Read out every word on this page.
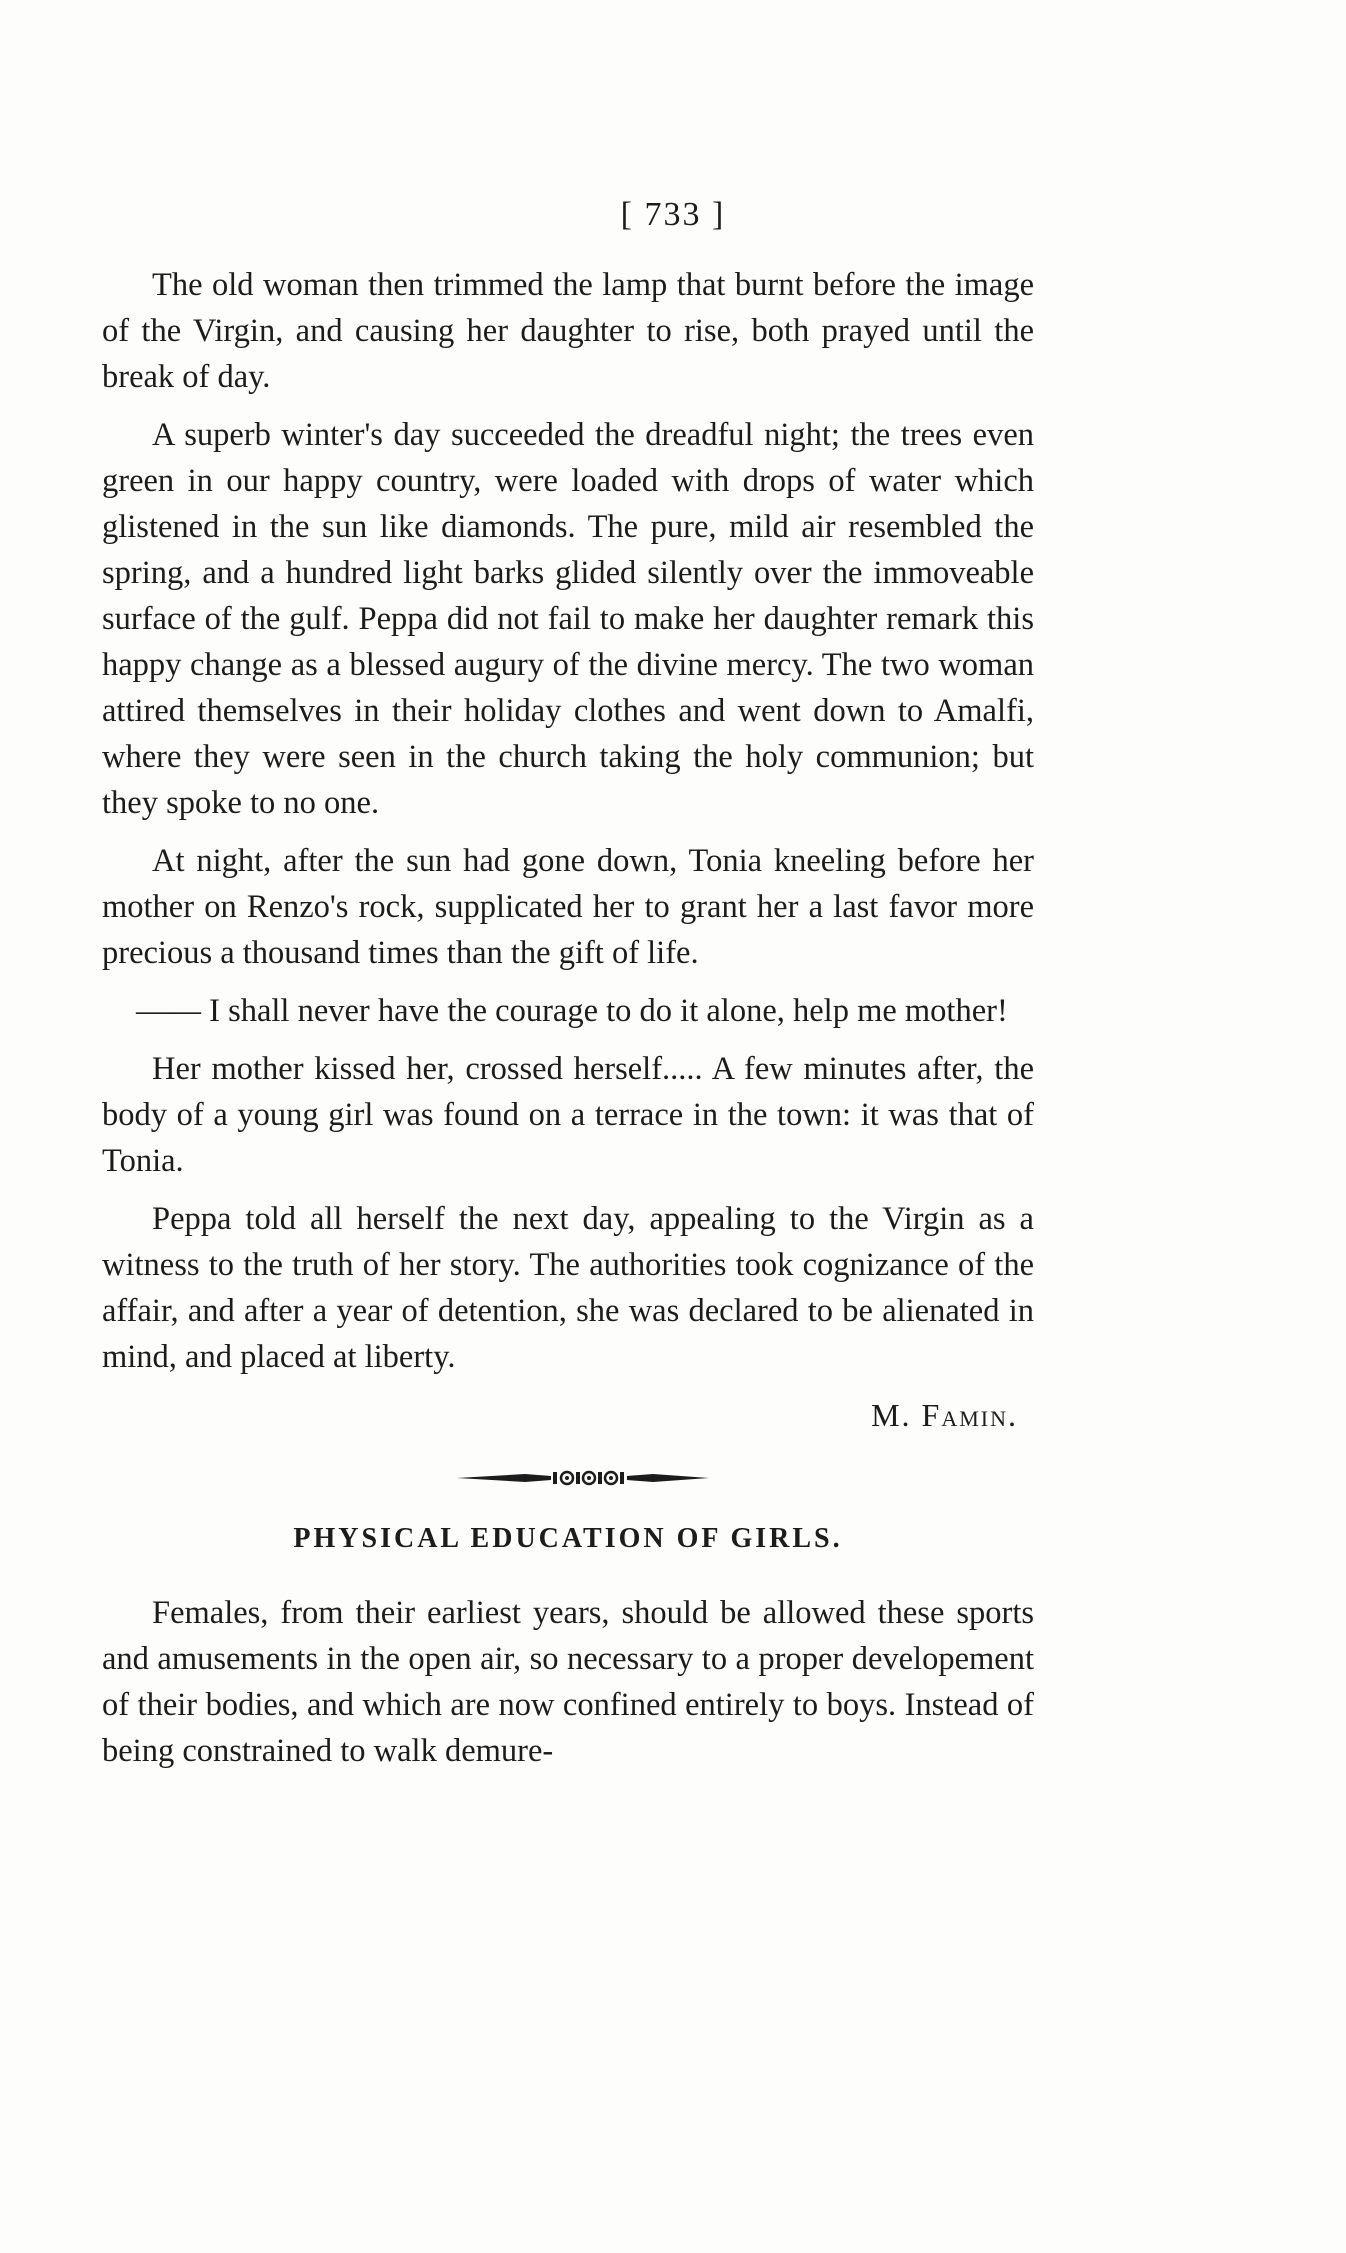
[ 733 ]

The old woman then trimmed the lamp that burnt before the image of the Virgin, and causing her daughter to rise, both prayed until the break of day.

A superb winter's day succeeded the dreadful night; the trees even green in our happy country, were loaded with drops of water which glistened in the sun like diamonds. The pure, mild air resembled the spring, and a hundred light barks glided silently over the immoveable surface of the gulf. Peppa did not fail to make her daughter remark this happy change as a blessed augury of the divine mercy. The two woman attired themselves in their holiday clothes and went down to Amalfi, where they were seen in the church taking the holy communion; but they spoke to no one.

At night, after the sun had gone down, Tonia kneeling before her mother on Renzo's rock, supplicated her to grant her a last favor more precious a thousand times than the gift of life.

—— I shall never have the courage to do it alone, help me mother!

Her mother kissed her, crossed herself..... A few minutes after, the body of a young girl was found on a terrace in the town: it was that of Tonia.

Peppa told all herself the next day, appealing to the Virgin as a witness to the truth of her story. The authorities took cognizance of the affair, and after a year of detention, she was declared to be alienated in mind, and placed at liberty.

M. Famin.

PHYSICAL EDUCATION OF GIRLS.

Females, from their earliest years, should be allowed these sports and amusements in the open air, so necessary to a proper developement of their bodies, and which are now confined entirely to boys. Instead of being constrained to walk demure-
